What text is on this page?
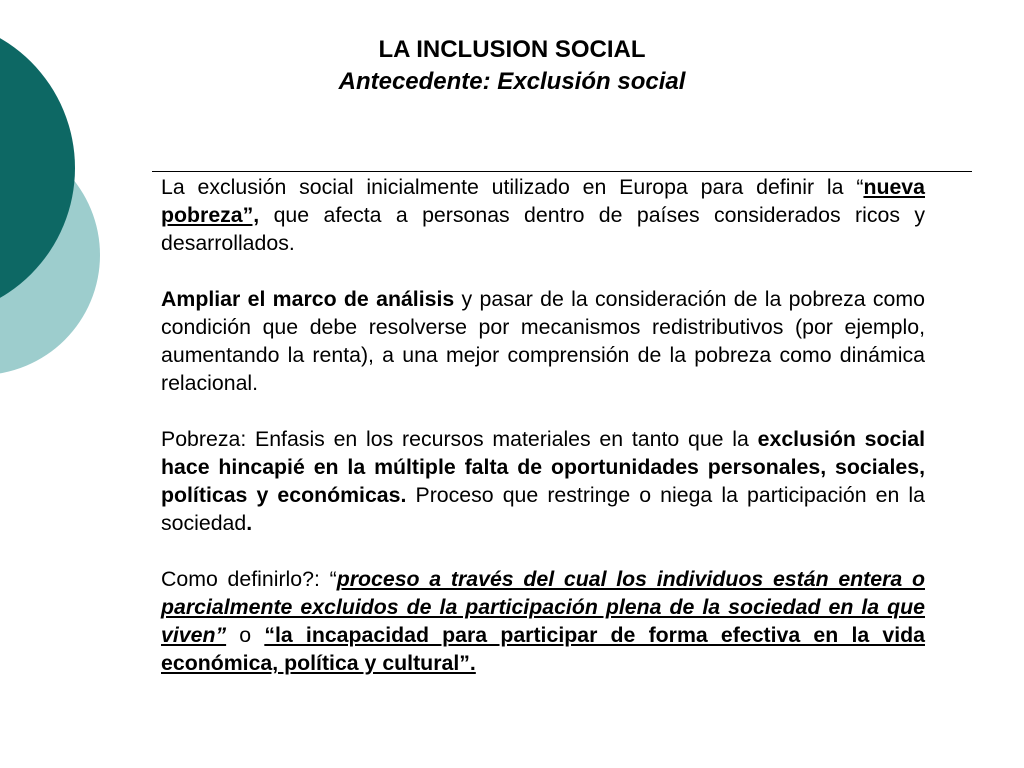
LA INCLUSION SOCIAL
Antecedente: Exclusión social

La exclusión social inicialmente utilizado en Europa para definir la “nueva pobreza”, que afecta a personas dentro de países considerados ricos y desarrollados.

Ampliar el marco de análisis y pasar de la consideración de la pobreza como condición que debe resolverse por mecanismos redistributivos (por ejemplo, aumentando la renta), a una mejor comprensión de la pobreza como dinámica relacional.

Pobreza: Enfasis en los recursos materiales en tanto que la exclusión social hace hincapié en la múltiple falta de oportunidades personales, sociales, políticas y económicas. Proceso que restringe o niega la participación en la sociedad.

Como definirlo?: “proceso a través del cual los individuos están entera o parcialmente excluidos de la participación plena de la sociedad en la que viven” o “la incapacidad para participar de forma efectiva en la vida económica, política y cultural”.
